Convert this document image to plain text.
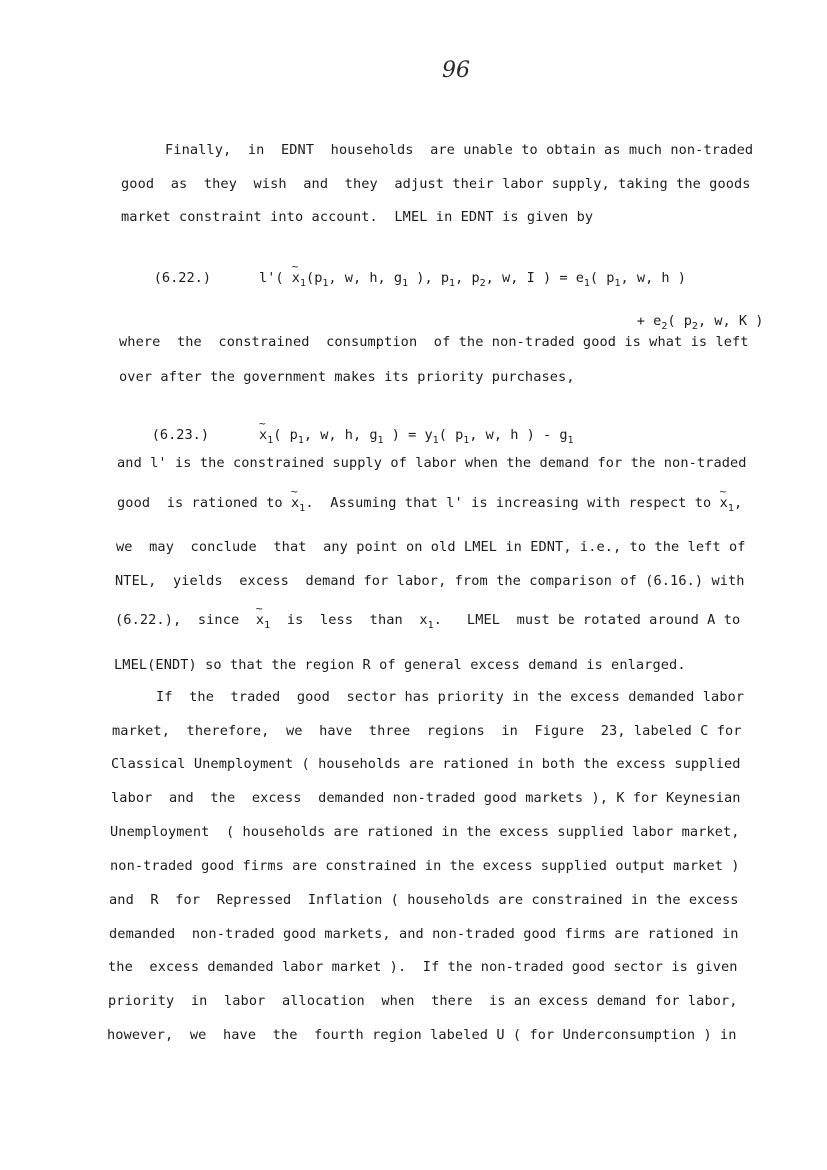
96
Finally,  in  EDNT  households  are unable to obtain as much non-traded
good  as  they  wish  and  they  adjust their labor supply, taking the goods
market constraint into account.  LMEL in EDNT is given by

(6.22.)	l'( ~ $x_1(p_1$, w, h, $g_1$ ), $p_1$, $p_2$, w, I ) = $e_1$( $p_1$, w, h )

+ $e_2$( $p_2$, w, K )

where  the  constrained  consumption  of the non-traded good is what is left
over after the government makes its priority purchases,

(6.23.)~	$x_1$( $p_1$, w, h, $g_1$ ) = $y_1$( $p_1$, w, h ) - $g_1$

and l' is the constrained supply of labor when the demand for the non-traded
good  is rationed to ~ $x_1$.  Assuming that l' is increasing with respect to ~ $x_1$,
we  may  conclude  that  any point on old LMEL in EDNT, i.e., to the left of
NTEL,  yields  excess  demand for labor, from the comparison of (6.16.) with
(6.22.),  since  ~ $x_1$  is  less  than  $x_1$.   LMEL  must be rotated around A to
LMEL(ENDT) so that the region R of general excess demand is enlarged.
If  the  traded  good  sector has priority in the excess demanded labor
market,  therefore,  we  have  three  regions  in  Figure  23, labeled C for
Classical Unemployment ( households are rationed in both the excess supplied
labor  and  the  excess  demanded non-traded good markets ), K for Keynesian
Unemployment  ( households are rationed in the excess supplied labor market,
non-traded good firms are constrained in the excess supplied output market )
and  R  for  Repressed  Inflation ( households are constrained in the excess
demanded  non-traded good markets, and non-traded good firms are rationed in
the  excess demanded labor market ).  If the non-traded good sector is given
priority  in  labor  allocation  when  there  is an excess demand for labor,
however,  we  have  the  fourth region labeled U ( for Underconsumption ) in
